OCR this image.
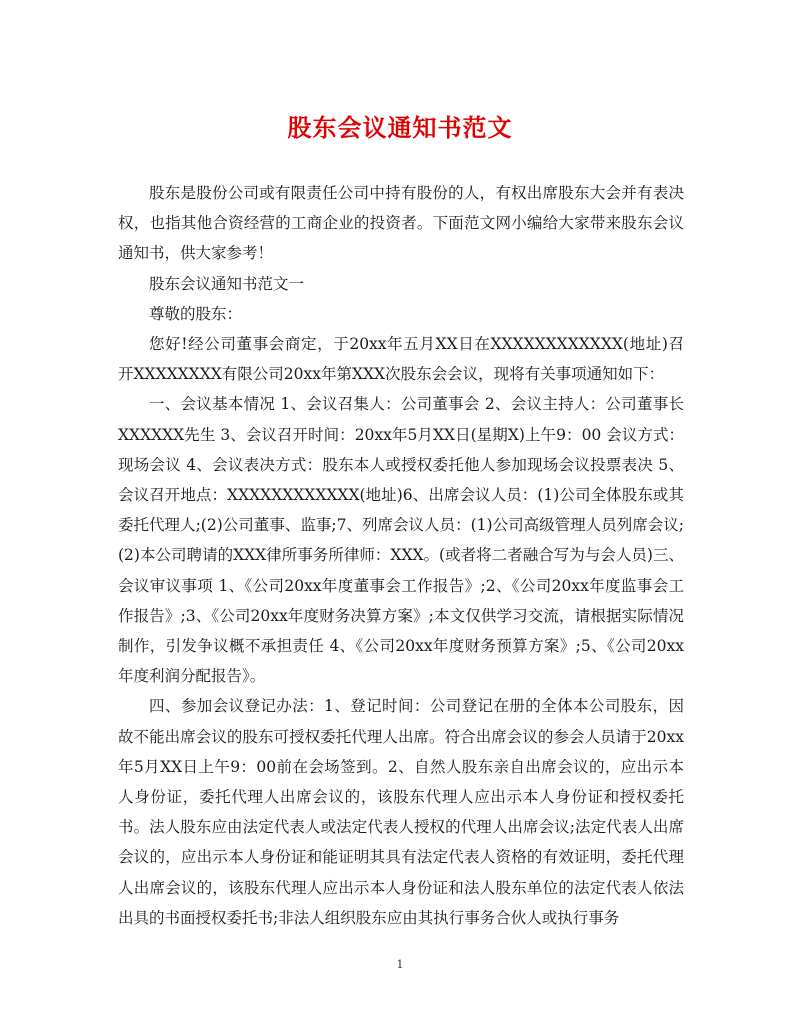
股东会议通知书范文

股东是股份公司或有限责任公司中持有股份的人，有权出席股东大会并有表决权，也指其他合资经营的工商企业的投资者。下面范文网小编给大家带来股东会议通知书，供大家参考！

股东会议通知书范文一

尊敬的股东：

您好!经公司董事会商定，于20xx年五月XX日在XXXXXXXXXXXX(地址)召开XXXXXXXX有限公司20xx年第XXX次股东会会议，现将有关事项通知如下：

一、会议基本情况 1、会议召集人：公司董事会 2、会议主持人：公司董事长XXXXXX先生 3、会议召开时间：20xx年5月XX日(星期X)上午9：00 会议方式：现场会议 4、会议表决方式：股东本人或授权委托他人参加现场会议投票表决 5、会议召开地点：XXXXXXXXXXXX(地址)6、出席会议人员：(1)公司全体股东或其委托代理人;(2)公司董事、监事;7、列席会议人员：(1)公司高级管理人员列席会议;(2)本公司聘请的XXX律所事务所律师：XXX。(或者将二者融合写为与会人员)三、会议审议事项 1、《公司20xx年度董事会工作报告》;2、《公司20xx年度监事会工作报告》;3、《公司20xx年度财务决算方案》;本文仅供学习交流，请根据实际情况制作，引发争议概不承担责任 4、《公司20xx年度财务预算方案》;5、《公司20xx 年度利润分配报告》。

四、参加会议登记办法：1、登记时间：公司登记在册的全体本公司股东，因故不能出席会议的股东可授权委托代理人出席。符合出席会议的参会人员请于20xx年5月XX日上午9：00前在会场签到。2、自然人股东亲自出席会议的，应出示本人身份证，委托代理人出席会议的，该股东代理人应出示本人身份证和授权委托书。法人股东应由法定代表人或法定代表人授权的代理人出席会议;法定代表人出席会议的，应出示本人身份证和能证明其具有法定代表人资格的有效证明，委托代理人出席会议的，该股东代理人应出示本人身份证和法人股东单位的法定代表人依法出具的书面授权委托书;非法人组织股东应由其执行事务合伙人或执行事务

1
